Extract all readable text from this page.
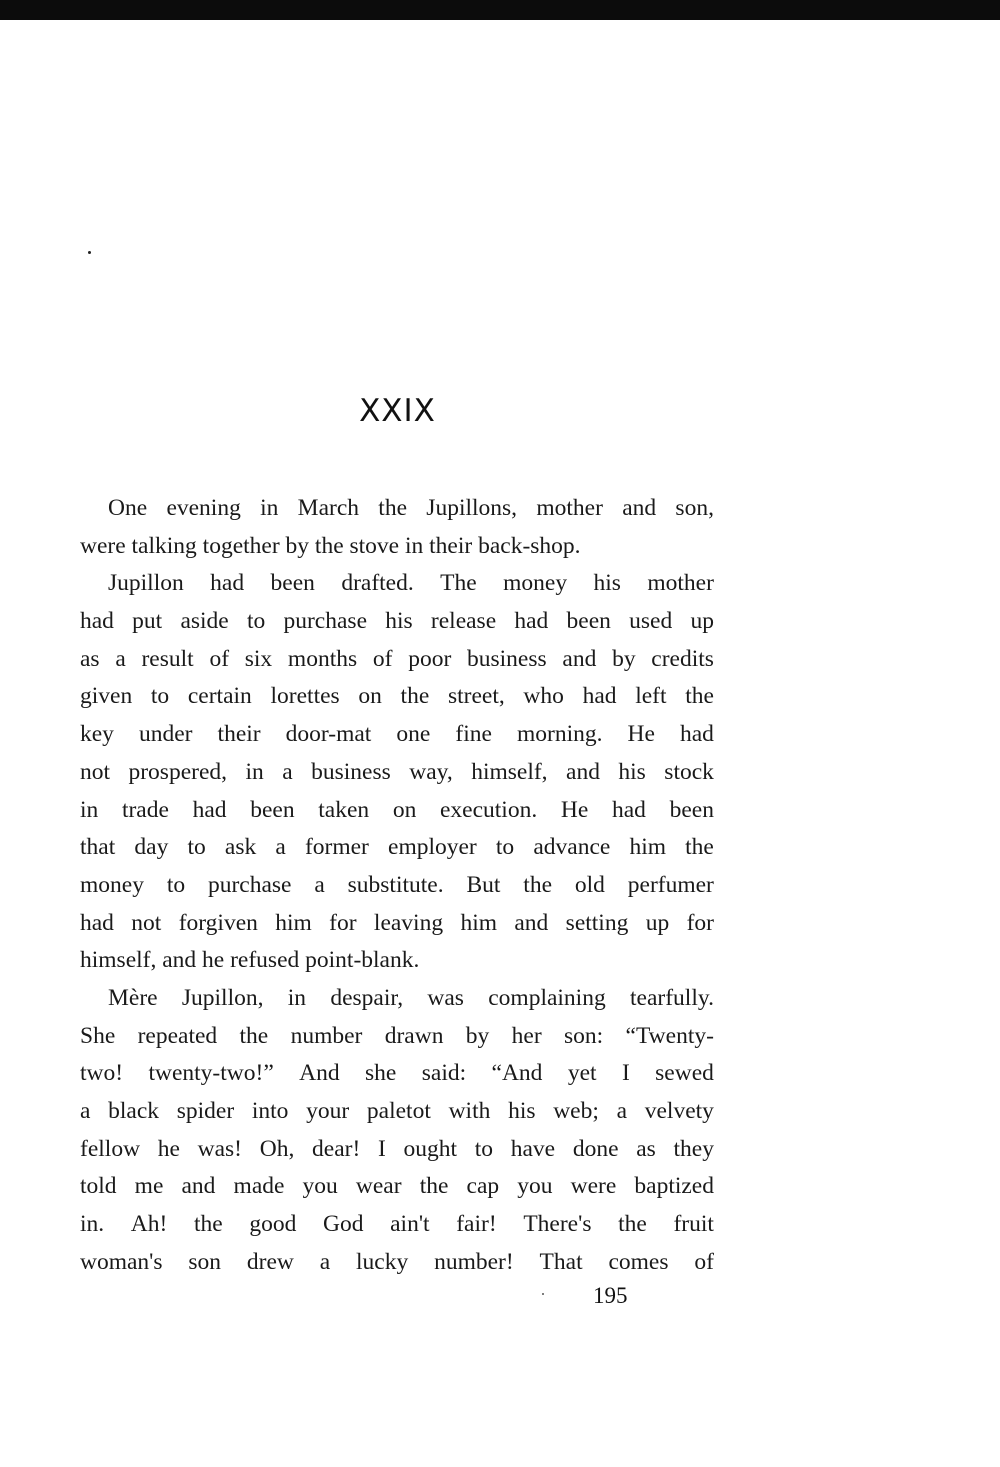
XXIX
One evening in March the Jupillons, mother and son,
were talking together by the stove in their back-shop.
Jupillon had been drafted. The money his mother
had put aside to purchase his release had been used up
as a result of six months of poor business and by credits
given to certain lorettes on the street, who had left the
key under their door-mat one fine morning. He had
not prospered, in a business way, himself, and his stock
in trade had been taken on execution. He had been
that day to ask a former employer to advance him the
money to purchase a substitute. But the old perfumer
had not forgiven him for leaving him and setting up for
himself, and he refused point-blank.
Mère Jupillon, in despair, was complaining tearfully.
She repeated the number drawn by her son: “Twenty-
two! twenty-two!” And she said: “And yet I sewed
a black spider into your paletot with his web; a velvety
fellow he was! Oh, dear! I ought to have done as they
told me and made you wear the cap you were baptized
in. Ah! the good God ain't fair! There's the fruit
woman's son drew a lucky number! That comes of
195
